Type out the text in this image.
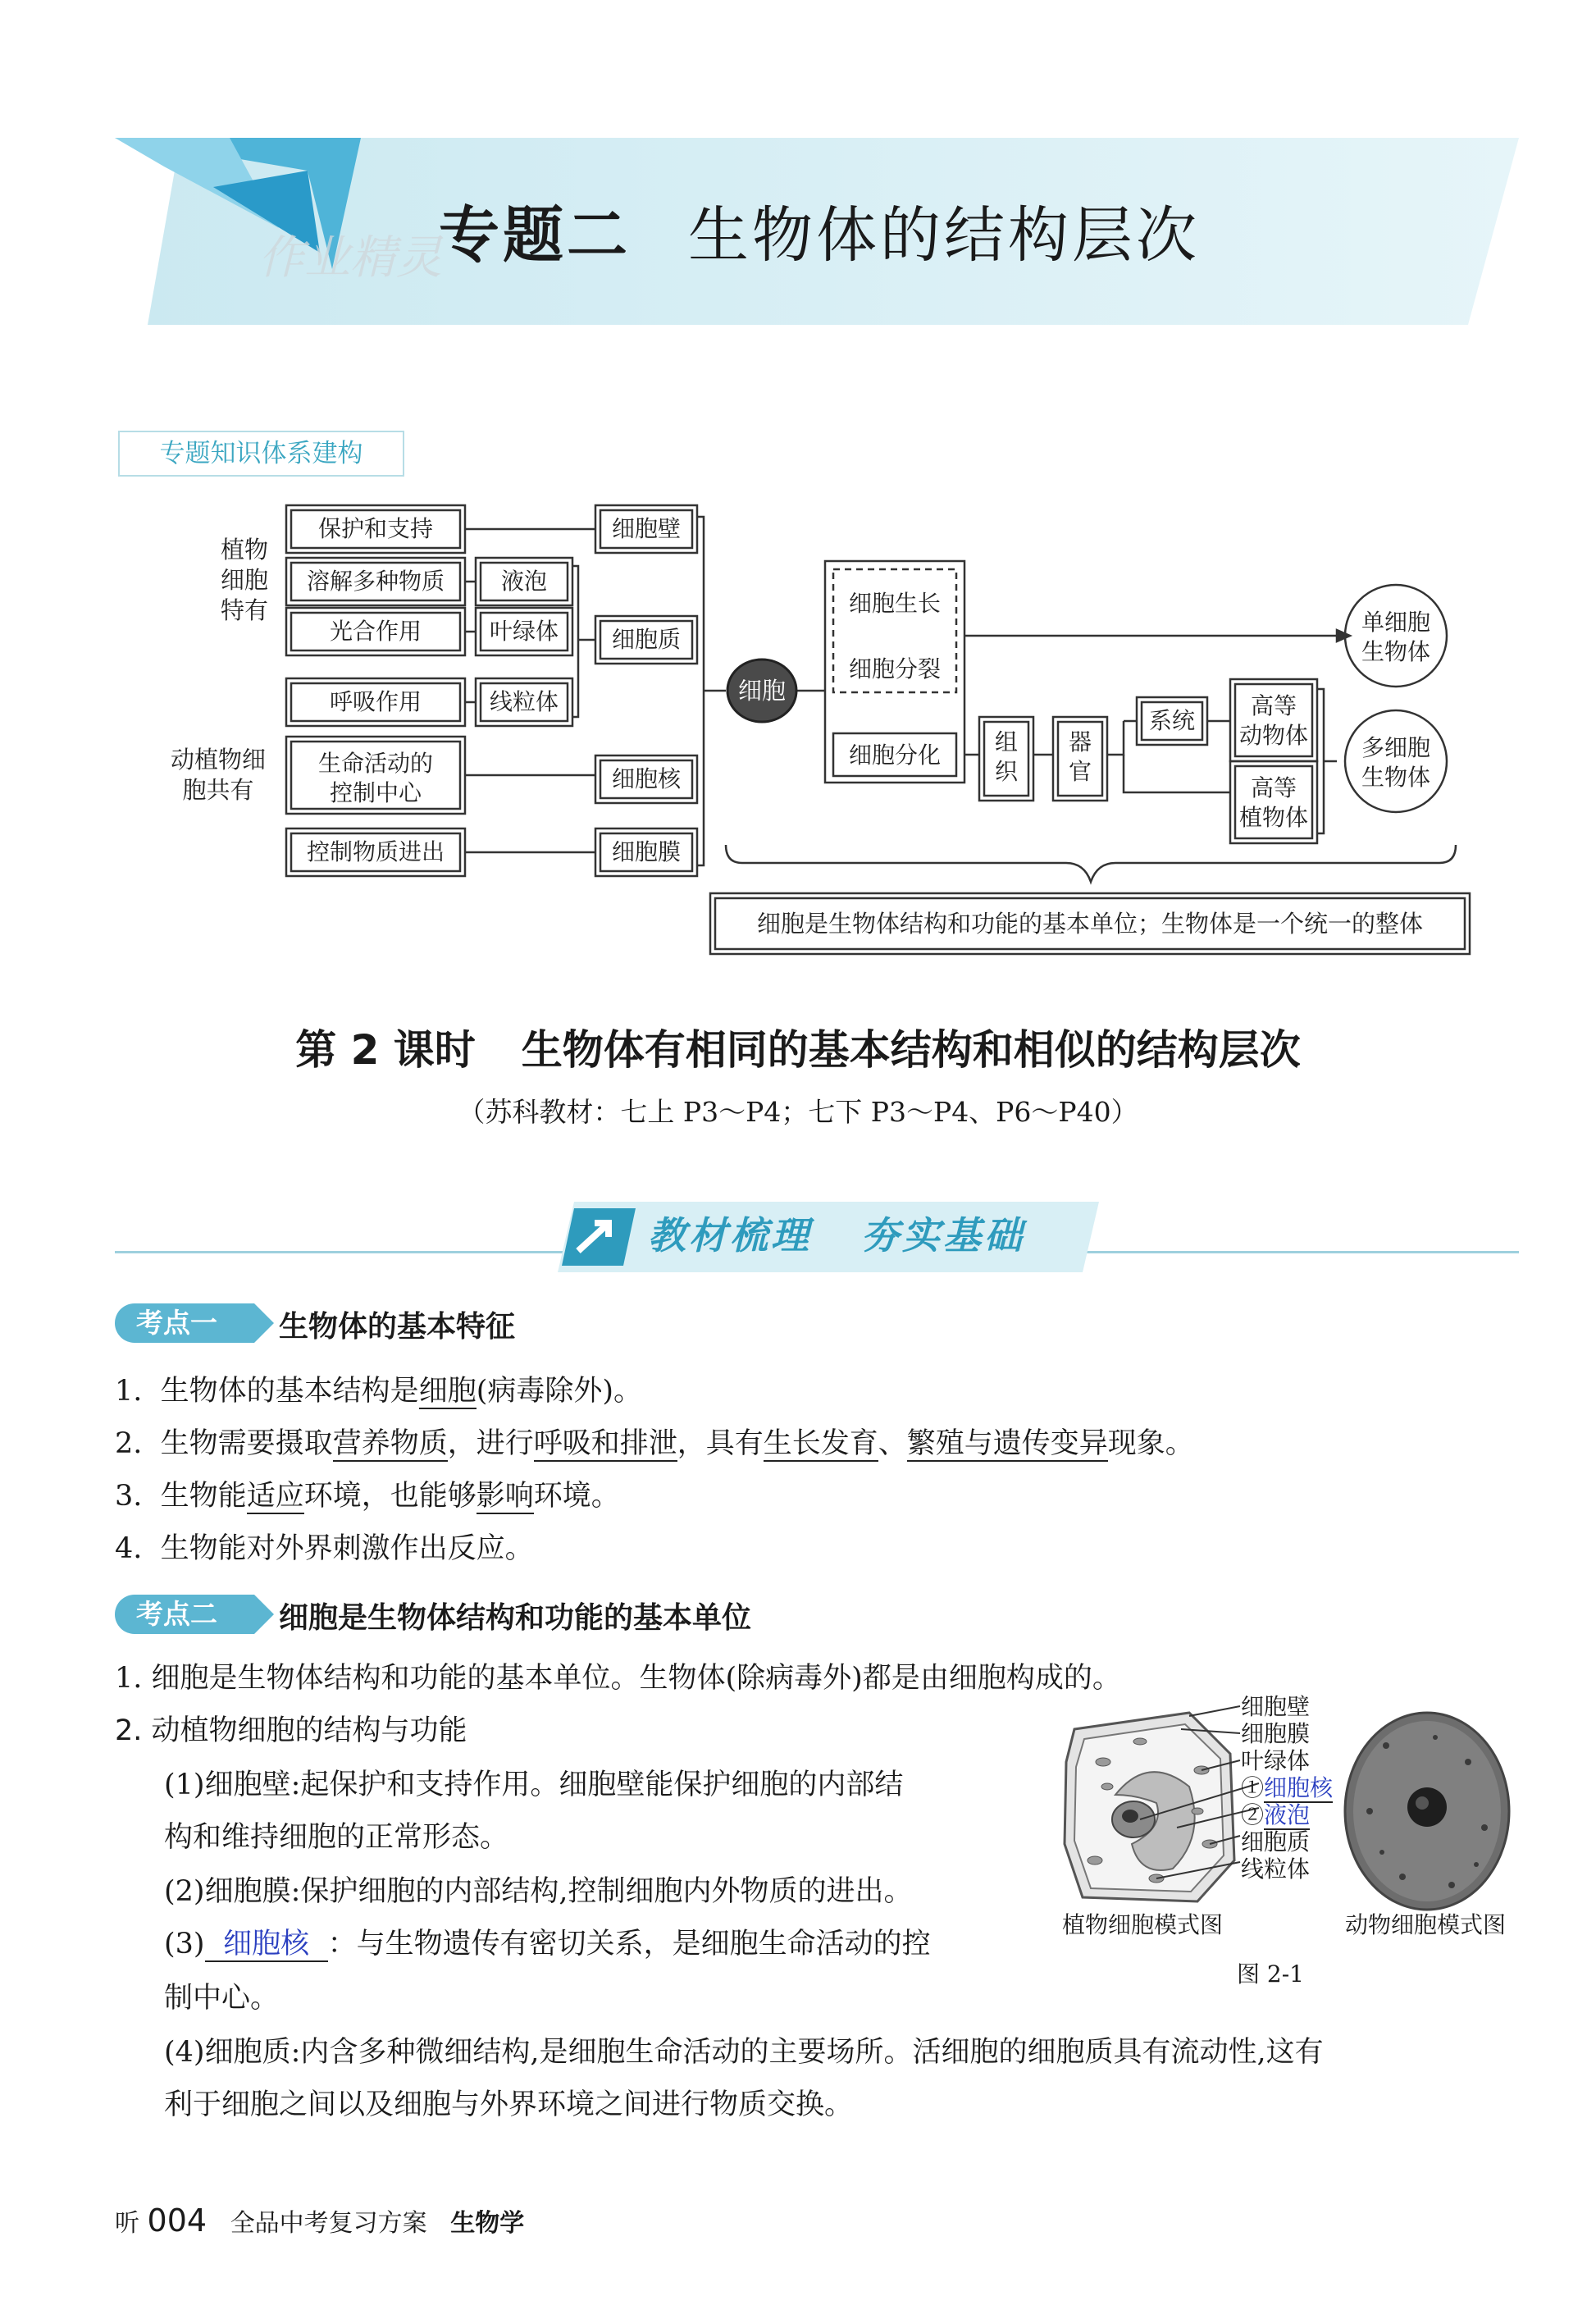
作业精灵
专题二 生物体的结构层次
专题知识体系建构
植物细胞特有
动植物细胞共有
保护和支持
溶解多种物质
光合作用
呼吸作用
生命活动的
控制中心
控制物质进出
液泡
叶绿体
线粒体
细胞壁
细胞质
细胞核
细胞膜
细胞
细胞生长
细胞分裂
细胞分化 组织
器官
系统
高等动物体
高等植物体
单细胞生物体
多细胞生物体
细胞是生物体结构和功能的基本单位；生物体是一个统一的整体
第 2 课时 生物体有相同的基本结构和相似的结构层次
（苏科教材：七上 P3～P4；七下 P3～P4、P6～P40）
教材梳理 夯实基础
考点一	生物体的基本特征
1. 生物体的基本结构是细胞(病毒除外)。
2. 生物需要摄取营养物质，进行呼吸和排泄，具有生长发育、繁殖与遗传变异现象。
3. 生物能适应环境，也能够影响环境。
4. 生物能对外界刺激作出反应。
考点二	细胞是生物体结构和功能的基本单位
1. 细胞是生物体结构和功能的基本单位。生物体(除病毒外)都是由细胞构成的。
2. 动植物细胞的结构与功能
(1)细胞壁:起保护和支持作用。细胞壁能保护细胞的内部结
构和维持细胞的正常形态。
(2)细胞膜:保护细胞的内部结构,控制细胞内外物质的进出。
(3) 细胞核 ：与生物遗传有密切关系，是细胞生命活动的控
制中心。
(4)细胞质:内含多种微细结构,是细胞生命活动的主要场所。活细胞的细胞质具有流动性,这有
利于细胞之间以及细胞与外界环境之间进行物质交换。
细胞壁
细胞膜
叶绿体
①细胞核
②液泡
细胞质
线粒体
植物细胞模式图	动物细胞模式图
图 2-1
听 004 全品中考复习方案 生物学
